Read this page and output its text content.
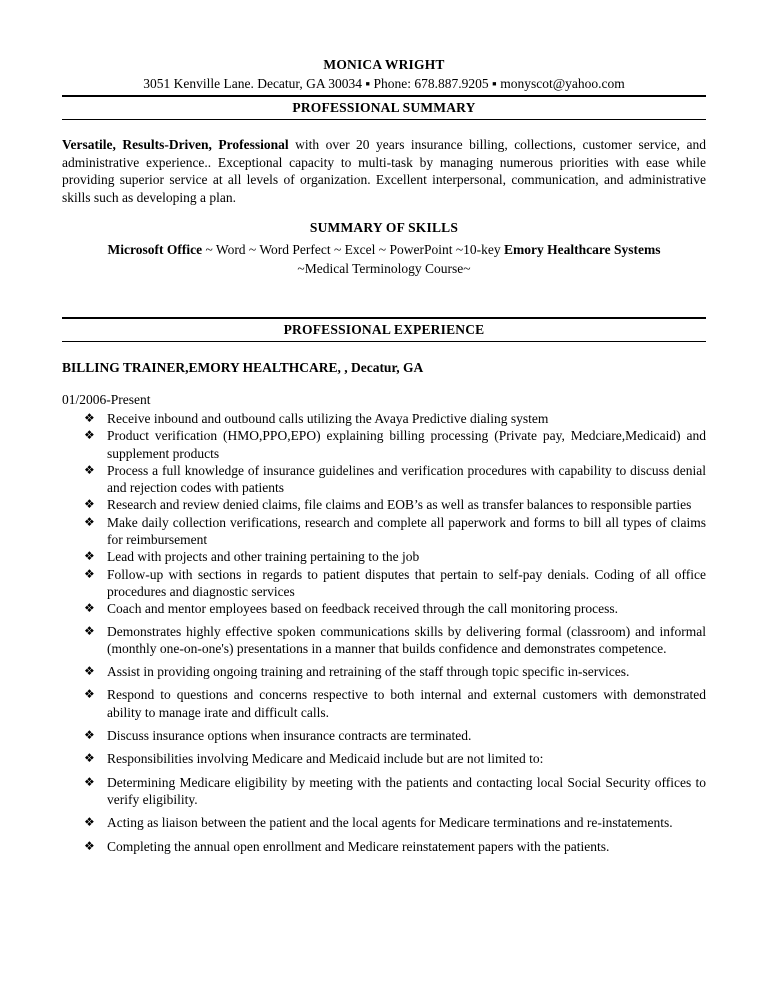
MONICA WRIGHT
3051 Kenville Lane. Decatur, GA 30034 ▪ Phone: 678.887.9205 ▪ monyscot@yahoo.com
PROFESSIONAL SUMMARY

Versatile, Results-Driven, Professional with over 20 years insurance billing, collections, customer service, and administrative experience.. Exceptional capacity to multi-task by managing numerous priorities with ease while providing superior service at all levels of organization. Excellent interpersonal, communication, and administrative skills such as developing a plan.

SUMMARY OF SKILLS
Microsoft Office ~ Word ~ Word Perfect ~ Excel ~ PowerPoint ~10-key Emory Healthcare Systems
~Medical Terminology Course~
PROFESSIONAL EXPERIENCE
BILLING TRAINER,EMORY HEALTHCARE, , Decatur, GA
01/2006-Present
❖ Receive inbound and outbound calls utilizing the Avaya Predictive dialing system
❖ Product verification (HMO,PPO,EPO) explaining billing processing (Private pay, Medciare,Medicaid) and supplement products
❖ Process a full knowledge of insurance guidelines and verification procedures with capability to discuss denial and rejection codes with patients
❖ Research and review denied claims, file claims and EOB’s as well as transfer balances to responsible parties
❖ Make daily collection verifications, research and complete all paperwork and forms to bill all types of claims for reimbursement
❖ Lead with projects and other training pertaining to the job
❖ Follow-up with sections in regards to patient disputes that pertain to self-pay denials. Coding of all office procedures and diagnostic services
❖ Coach and mentor employees based on feedback received through the call monitoring process.
❖ Demonstrates highly effective spoken communications skills by delivering formal (classroom) and informal (monthly one-on-one's) presentations in a manner that builds confidence and demonstrates competence.
❖ Assist in providing ongoing training and retraining of the staff through topic specific in-services.
❖ Respond to questions and concerns respective to both internal and external customers with demonstrated ability to manage irate and difficult calls.
❖ Discuss insurance options when insurance contracts are terminated.
❖ Responsibilities involving Medicare and Medicaid include but are not limited to:
❖ Determining Medicare eligibility by meeting with the patients and contacting local Social Security offices to verify eligibility.
❖ Acting as liaison between the patient and the local agents for Medicare terminations and re-instatements.
❖ Completing the annual open enrollment and Medicare reinstatement papers with the patients.
